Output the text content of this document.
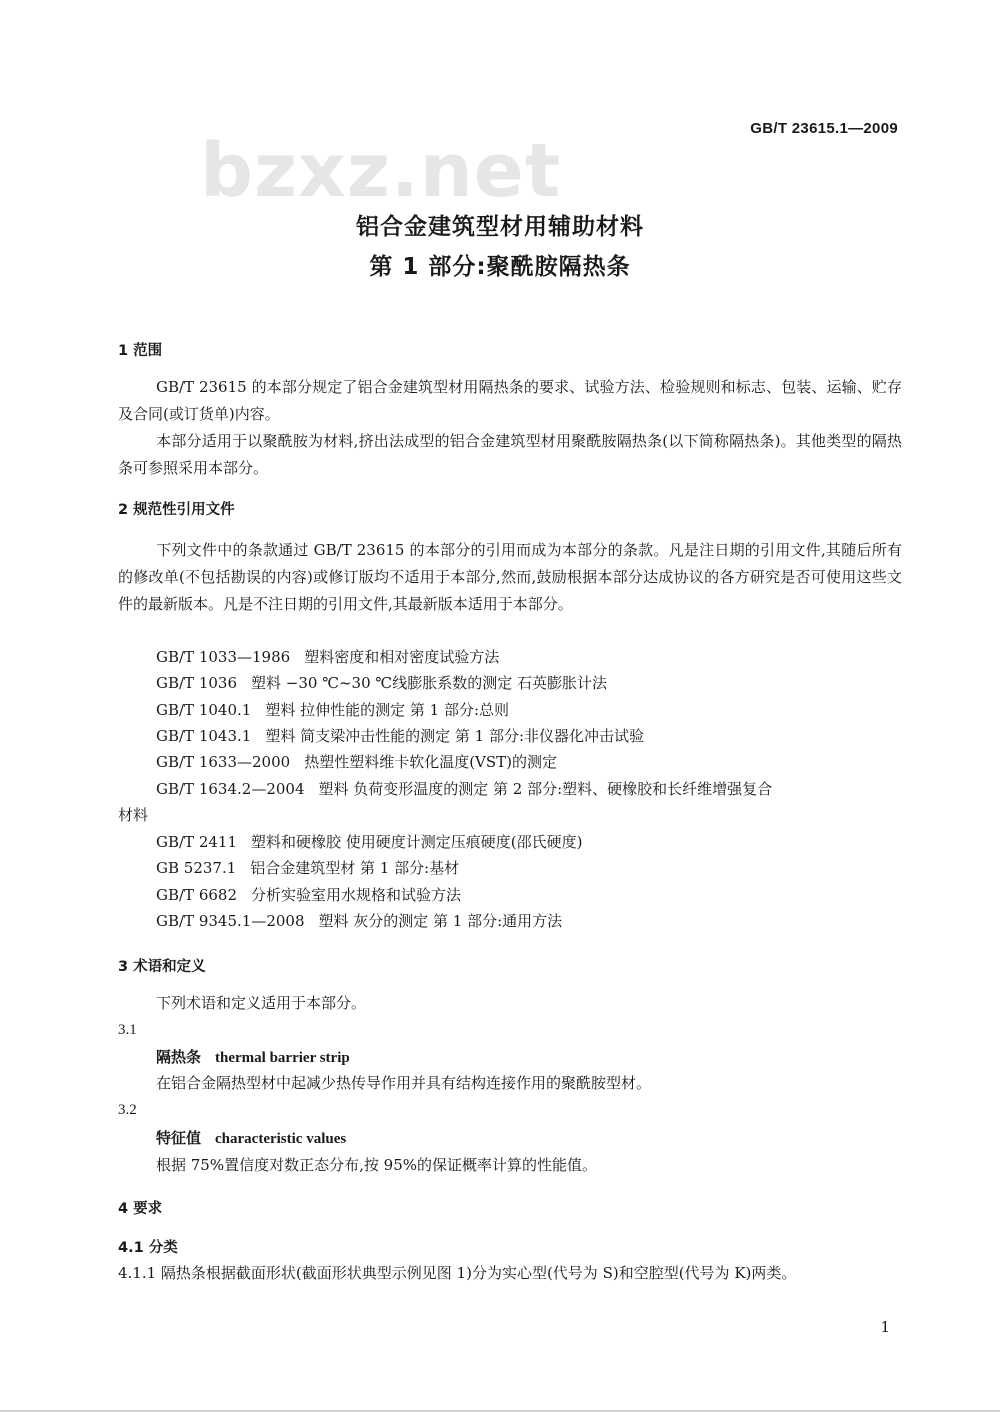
bzxz.net	GB/T 23615.1—2009
铝合金建筑型材用辅助材料
第 1 部分:聚酰胺隔热条
1 范围
GB/T 23615 的本部分规定了铝合金建筑型材用隔热条的要求、试验方法、检验规则和标志、包装、运输、贮存及合同(或订货单)内容。
本部分适用于以聚酰胺为材料,挤出法成型的铝合金建筑型材用聚酰胺隔热条(以下简称隔热条)。其他类型的隔热条可参照采用本部分。
2 规范性引用文件
下列文件中的条款通过 GB/T 23615 的本部分的引用而成为本部分的条款。凡是注日期的引用文件,其随后所有的修改单(不包括勘误的内容)或修订版均不适用于本部分,然而,鼓励根据本部分达成协议的各方研究是否可使用这些文件的最新版本。凡是不注日期的引用文件,其最新版本适用于本部分。
GB/T 1033—1986 塑料密度和相对密度试验方法
GB/T 1036 塑料 −30 ℃~30 ℃线膨胀系数的测定 石英膨胀计法
GB/T 1040.1 塑料 拉伸性能的测定 第 1 部分:总则
GB/T 1043.1 塑料 简支梁冲击性能的测定 第 1 部分:非仪器化冲击试验
GB/T 1633—2000 热塑性塑料维卡软化温度(VST)的测定
GB/T 1634.2—2004 塑料 负荷变形温度的测定 第 2 部分:塑料、硬橡胶和长纤维增强复合
材料
GB/T 2411 塑料和硬橡胶 使用硬度计测定压痕硬度(邵氏硬度)
GB 5237.1 铝合金建筑型材 第 1 部分:基材
GB/T 6682 分析实验室用水规格和试验方法
GB/T 9345.1—2008 塑料 灰分的测定 第 1 部分:通用方法
3 术语和定义
下列术语和定义适用于本部分。
3.1
隔热条 thermal barrier strip
在铝合金隔热型材中起减少热传导作用并具有结构连接作用的聚酰胺型材。
3.2
特征值 characteristic values
根据 75%置信度对数正态分布,按 95%的保证概率计算的性能值。
4 要求
4.1 分类
4.1.1 隔热条根据截面形状(截面形状典型示例见图 1)分为实心型(代号为 S)和空腔型(代号为 K)两类。
1
